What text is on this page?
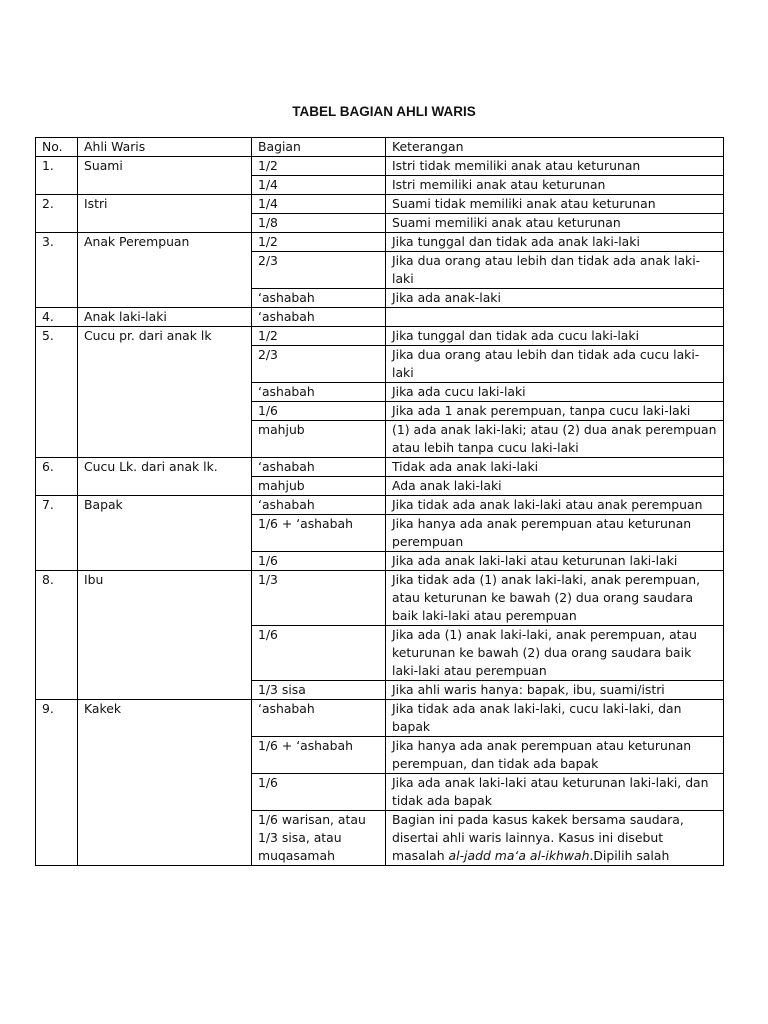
TABEL BAGIAN AHLI WARIS
No.	Ahli Waris	Bagian	Keterangan
1.	Suami	1/2	Istri tidak memiliki anak atau keturunan
		1/4	Istri memiliki anak atau keturunan
2.	Istri	1/4	Suami tidak memiliki anak atau keturunan
		1/8	Suami memiliki anak atau keturunan
3.	Anak Perempuan	1/2	Jika tunggal dan tidak ada anak laki-laki
		2/3	Jika dua orang atau lebih dan tidak ada anak laki-laki
		‘ashabah	Jika ada anak-laki
4.	Anak laki-laki	‘ashabah	
5.	Cucu pr. dari anak lk	1/2	Jika tunggal dan tidak ada cucu laki-laki
		2/3	Jika dua orang atau lebih dan tidak ada cucu laki-laki
		‘ashabah	Jika ada cucu laki-laki
		1/6	Jika ada 1 anak perempuan, tanpa cucu laki-laki
		mahjub	(1) ada anak laki-laki; atau (2) dua anak perempuan atau lebih tanpa cucu laki-laki
6.	Cucu Lk. dari anak lk.	‘ashabah	Tidak ada anak laki-laki
		mahjub	Ada anak laki-laki
7.	Bapak	‘ashabah	Jika tidak ada anak laki-laki atau anak perempuan
		1/6 + ‘ashabah	Jika hanya ada anak perempuan atau keturunan perempuan
		1/6	Jika ada anak laki-laki atau keturunan laki-laki
8.	Ibu	1/3	Jika tidak ada (1) anak laki-laki, anak perempuan, atau keturunan ke bawah (2) dua orang saudara baik laki-laki atau perempuan
		1/6	Jika ada (1) anak laki-laki, anak perempuan, atau keturunan ke bawah (2) dua orang saudara baik laki-laki atau perempuan
		1/3 sisa	Jika ahli waris hanya: bapak, ibu, suami/istri
9.	Kakek	‘ashabah	Jika tidak ada anak laki-laki, cucu laki-laki, dan bapak
		1/6 + ‘ashabah	Jika hanya ada anak perempuan atau keturunan perempuan, dan tidak ada bapak
		1/6	Jika ada anak laki-laki atau keturunan laki-laki, dan tidak ada bapak
		1/6 warisan, atau 1/3 sisa, atau muqasamah	Bagian ini pada kasus kakek bersama saudara, disertai ahli waris lainnya. Kasus ini disebut masalah al-jadd ma‘a al-ikhwah.Dipilih salah
